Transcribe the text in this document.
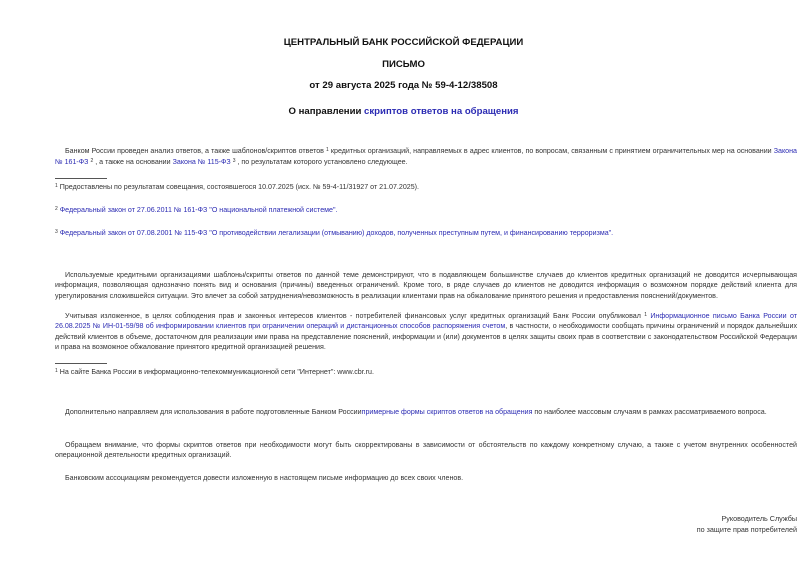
ЦЕНТРАЛЬНЫЙ БАНК РОССИЙСКОЙ ФЕДЕРАЦИИ
ПИСЬМО
от 29 августа 2025 года № 59-4-12/38508
О направлении скриптов ответов на обращения
Банком России проведен анализ ответов, а также шаблонов/скриптов ответов $^1$ кредитных организаций, направляемых в адрес клиентов, по вопросам, связанным с принятием ограничительных мер на основании Закона № 161-ФЗ $^2$ , а также на основании Закона № 115-ФЗ $^3$ , по результатам которого установлено следующее.
$^1$ Предоставлены по результатам совещания, состоявшегося 10.07.2025 (исх. № 59-4-11/31927 от 21.07.2025).
$^2$ Федеральный закон от 27.06.2011 № 161-ФЗ "О национальной платежной системе".
$^3$ Федеральный закон от 07.08.2001 № 115-ФЗ "О противодействии легализации (отмыванию) доходов, полученных преступным путем, и финансированию терроризма".
Используемые кредитными организациями шаблоны/скрипты ответов по данной теме демонстрируют, что в подавляющем большинстве случаев до клиентов кредитных организаций не доводится исчерпывающая информация, позволяющая однозначно понять вид и основания (причины) введенных ограничений. Кроме того, в ряде случаев до клиентов не доводится информация о возможном порядке действий клиента для урегулирования сложившейся ситуации. Это влечет за собой затруднения/невозможность в реализации клиентами прав на обжалование принятого решения и предоставления пояснений/документов.
Учитывая изложенное, в целях соблюдения прав и законных интересов клиентов - потребителей финансовых услуг кредитных организаций Банк России опубликовал $^1$ Информационное письмо Банка России от 26.08.2025 № ИН-01-59/98 об информировании клиентов при ограничении операций и дистанционных способов распоряжения счетом, в частности, о необходимости сообщать причины ограничений и порядок дальнейших действий клиентов в объеме, достаточном для реализации ими права на представление пояснений, информации и (или) документов в целях защиты своих прав в соответствии с законодательством Российской Федерации и права на возможное обжалование принятого кредитной организацией решения.
$^1$ На сайте Банка России в информационно-телекоммуникационной сети "Интернет": www.cbr.ru.
Дополнительно направляем для использования в работе подготовленные Банком Россиипримерные формы скриптов ответов на обращения по наиболее массовым случаям в рамках рассматриваемого вопроса.
Обращаем внимание, что формы скриптов ответов при необходимости могут быть скорректированы в зависимости от обстоятельств по каждому конкретному случаю, а также с учетом внутренних особенностей операционной деятельности кредитных организаций.
Банковским ассоциациям рекомендуется довести изложенную в настоящем письме информацию до всех своих членов.
Руководитель Службы
по защите прав потребителей
